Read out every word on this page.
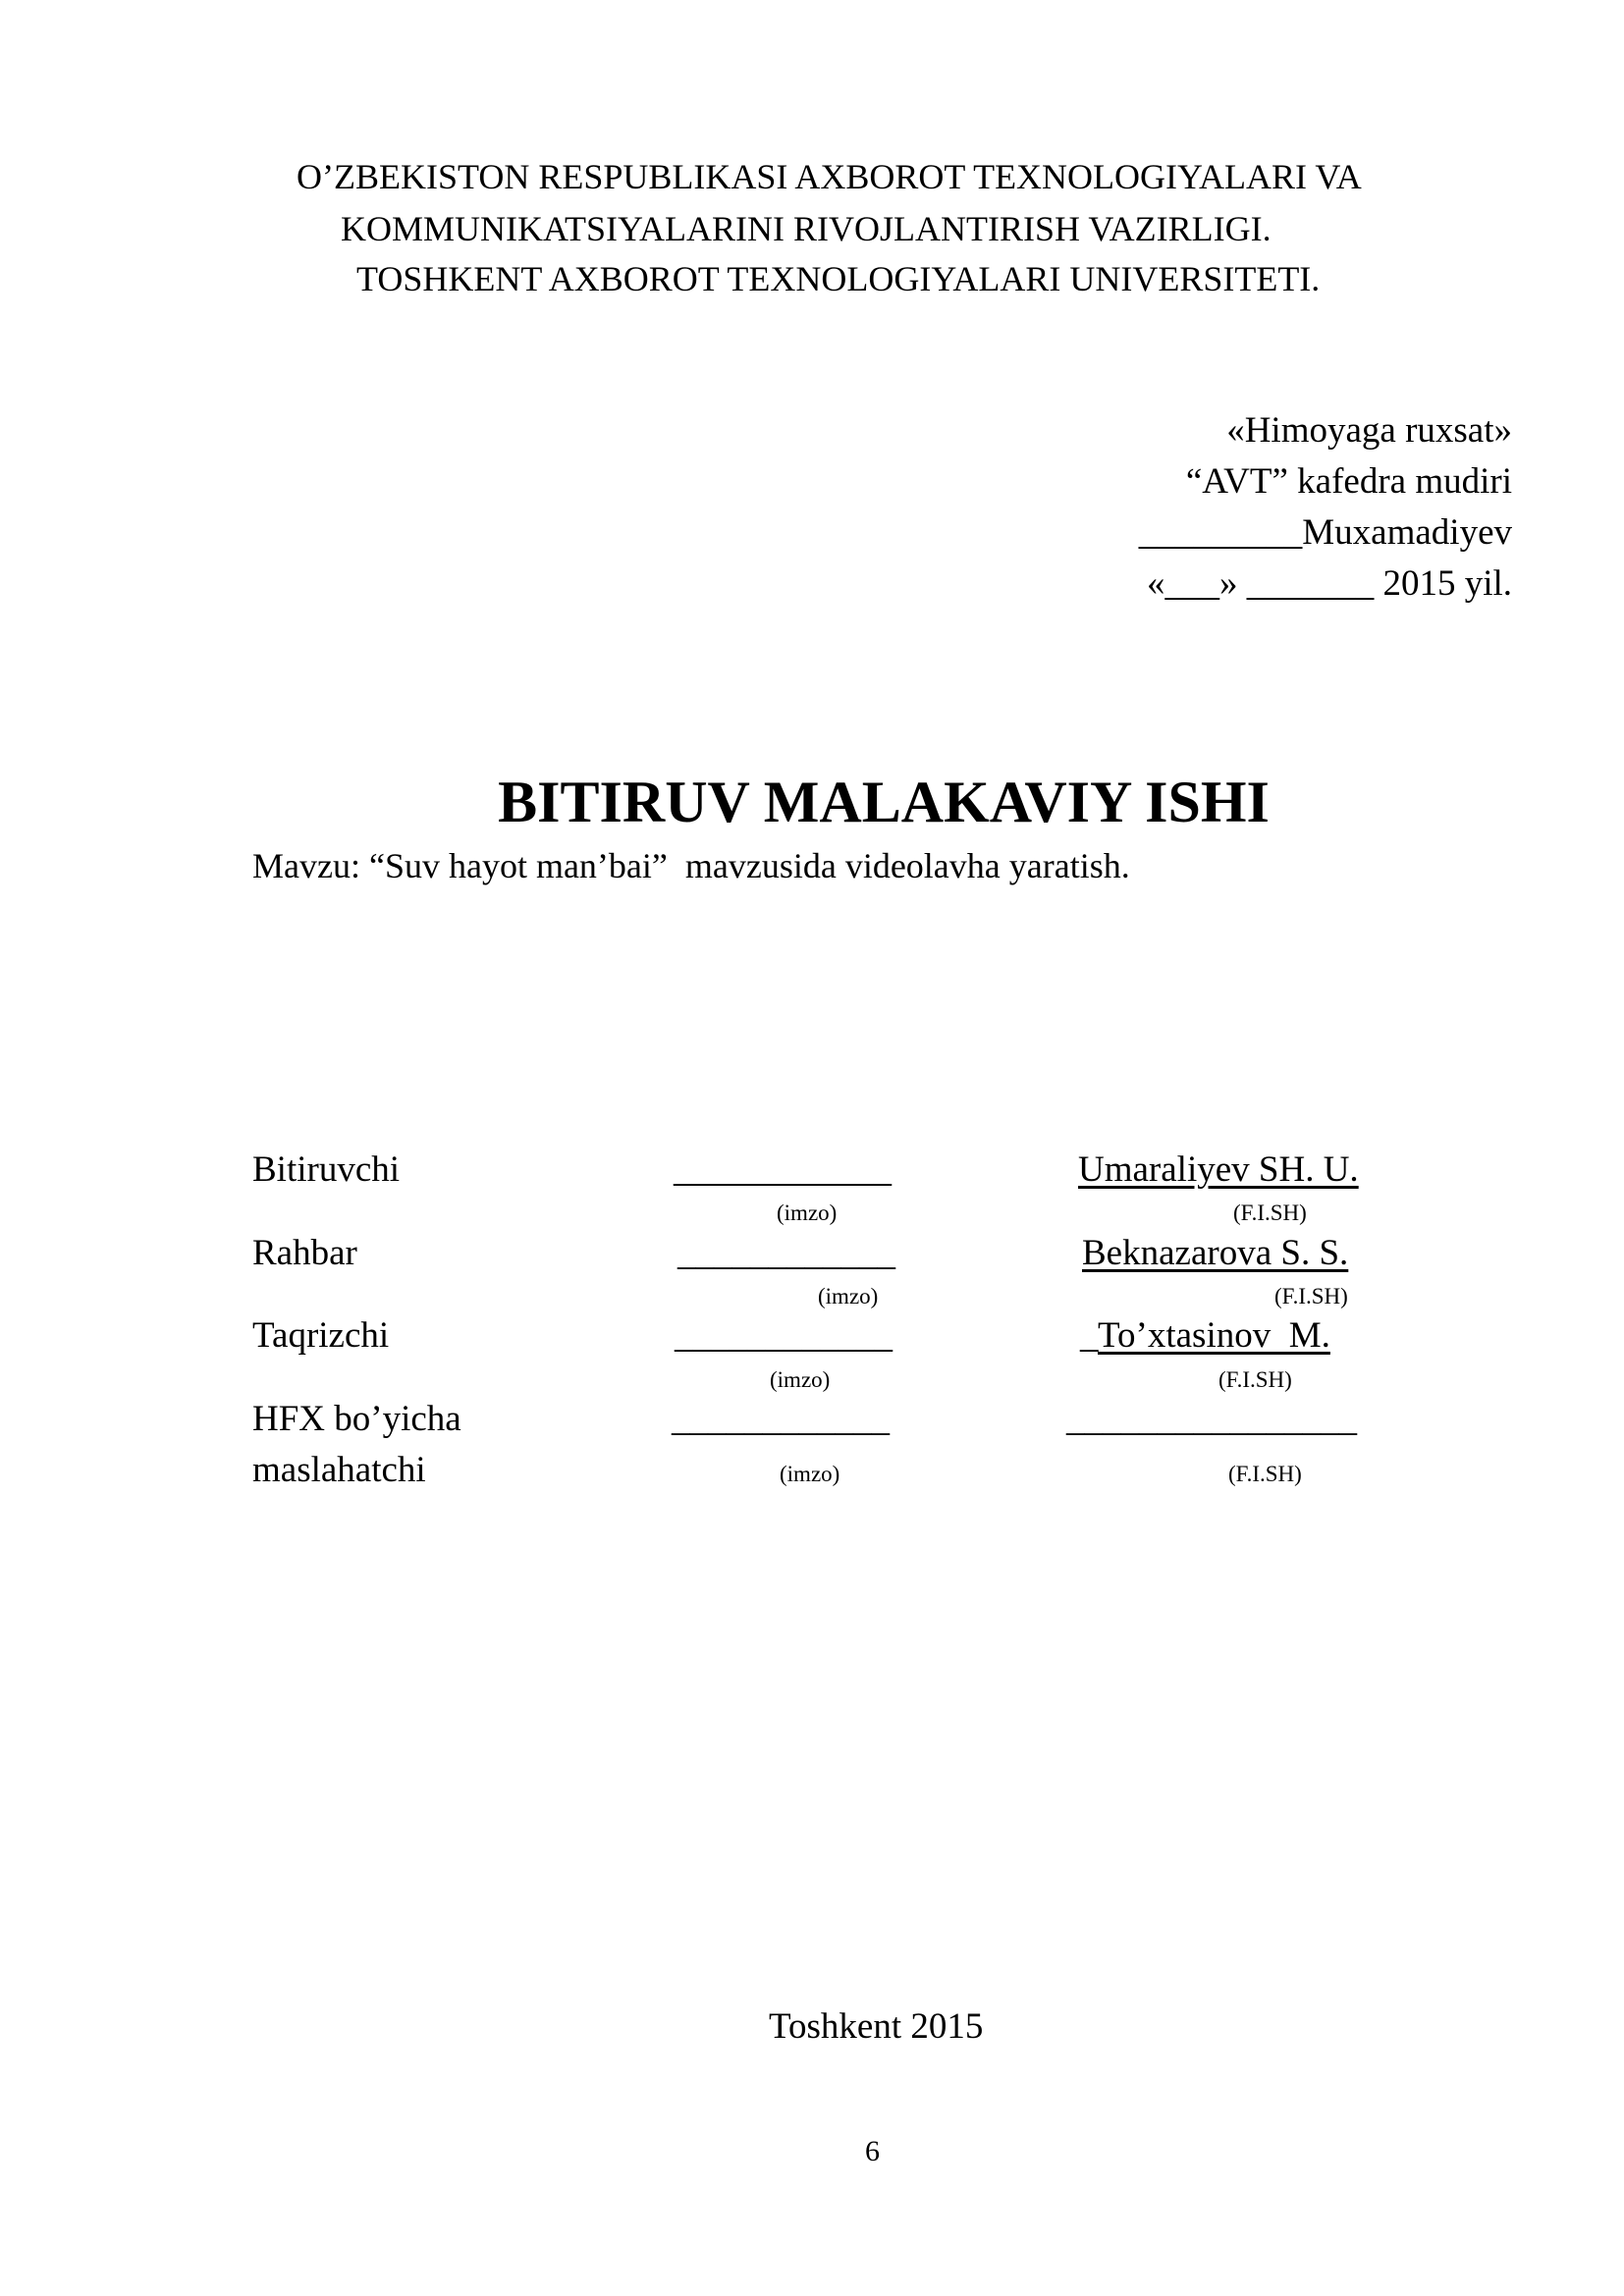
O’ZBEKISTON RESPUBLIKASI AXBOROT TEXNOLOGIYALARI VA
KOMMUNIKATSIYALARINI RIVOJLANTIRISH VAZIRLIGI.
TOSHKENT AXBOROT TEXNOLOGIYALARI UNIVERSITETI.
«Himoyaga ruxsat»
“AVT” kafedra mudiri
_________Muxamadiyev
«___» _______ 2015 yil.
BITIRUV MALAKAVIY ISHI
Mavzu: “Suv hayot man’bai”  mavzusida videolavha yaratish.
Bitiruvchi	____________	Umaraliyev SH. U.
(imzo)	(F.I.SH)
Rahbar	____________	Beknazarova S. S.
(imzo)	(F.I.SH)
Taqrizchi	____________	_ To’xtasinov  M.
(imzo)	(F.I.SH)
HFX bo’yicha
maslahatchi
____________	________________
(imzo)	(F.I.SH)
Toshkent 2015
6
